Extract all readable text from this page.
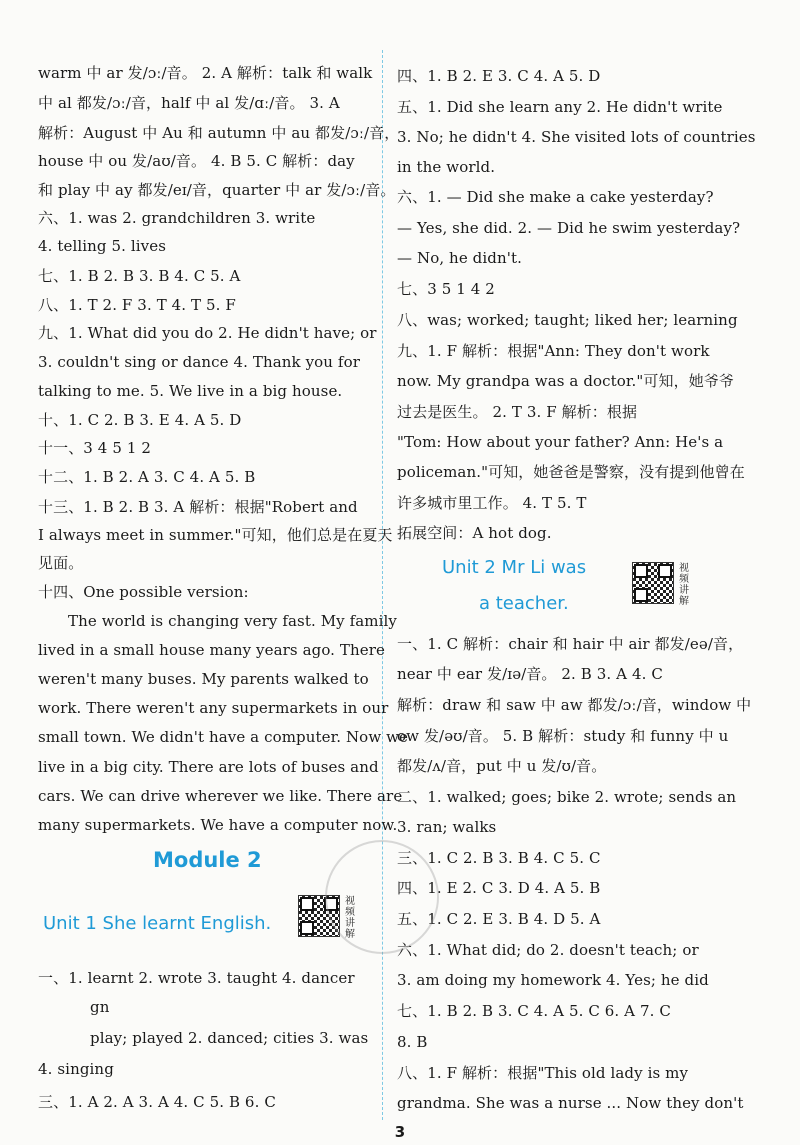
warm 中 ar 发/ɔː/音。 2. A 解析：talk 和 walk
中 al 都发/ɔː/音，half 中 al 发/ɑː/音。 3. A
解析：August 中 Au 和 autumn 中 au 都发/ɔː/音，
house 中 ou 发/aʊ/音。 4. B 5. C 解析：day
和 play 中 ay 都发/eɪ/音，quarter 中 ar 发/ɔː/音。
六、1. was 2. grandchildren 3. write
4. telling 5. lives
七、1. B 2. B 3. B 4. C 5. A
八、1. T 2. F 3. T 4. T 5. F
九、1. What did you do 2. He didn't have; or
3. couldn't sing or dance 4. Thank you for
talking to me. 5. We live in a big house.
十、1. C 2. B 3. E 4. A 5. D
十一、3 4 5 1 2
十二、1. B 2. A 3. C 4. A 5. B
十三、1. B 2. B 3. A 解析：根据"Robert and
I always meet in summer."可知，他们总是在夏天
见面。
十四、One possible version:
The world is changing very fast. My family
lived in a small house many years ago. There
weren't many buses. My parents walked to
work. There weren't any supermarkets in our
small town. We didn't have a computer. Now we
live in a big city. There are lots of buses and
cars. We can drive wherever we like. There are
many supermarkets. We have a computer now.
Module 2
Unit 1 She learnt English.
视
频
讲
解
一、1. learnt 2. wrote 3. taught 4. dancer
gn
play; played 2. danced; cities 3. was
4. singing
三、1. A 2. A 3. A 4. C 5. B 6. C
四、1. B 2. E 3. C 4. A 5. D
五、1. Did she learn any 2. He didn't write
3. No; he didn't 4. She visited lots of countries
in the world.
六、1. — Did she make a cake yesterday?
— Yes, she did. 2. — Did he swim yesterday?
— No, he didn't.
七、3 5 1 4 2
八、was; worked; taught; liked her; learning
九、1. F 解析：根据"Ann: They don't work
now. My grandpa was a doctor."可知，她爷爷
过去是医生。 2. T 3. F 解析：根据
"Tom: How about your father? Ann: He's a
policeman."可知，她爸爸是警察，没有提到他曾在
许多城市里工作。 4. T 5. T
拓展空间：A hot dog.
Unit 2 Mr Li was
a teacher.
视
频
讲
解
一、1. C 解析：chair 和 hair 中 air 都发/eə/音，
near 中 ear 发/ɪə/音。 2. B 3. A 4. C
解析：draw 和 saw 中 aw 都发/ɔː/音，window 中
ow 发/əʊ/音。 5. B 解析：study 和 funny 中 u
都发/ʌ/音，put 中 u 发/ʊ/音。
二、1. walked; goes; bike 2. wrote; sends an
3. ran; walks
三、1. C 2. B 3. B 4. C 5. C
四、1. E 2. C 3. D 4. A 5. B
五、1. C 2. E 3. B 4. D 5. A
六、1. What did; do 2. doesn't teach; or
3. am doing my homework 4. Yes; he did
七、1. B 2. B 3. C 4. A 5. C 6. A 7. C
8. B
八、1. F 解析：根据"This old lady is my
grandma. She was a nurse ... Now they don't
3
